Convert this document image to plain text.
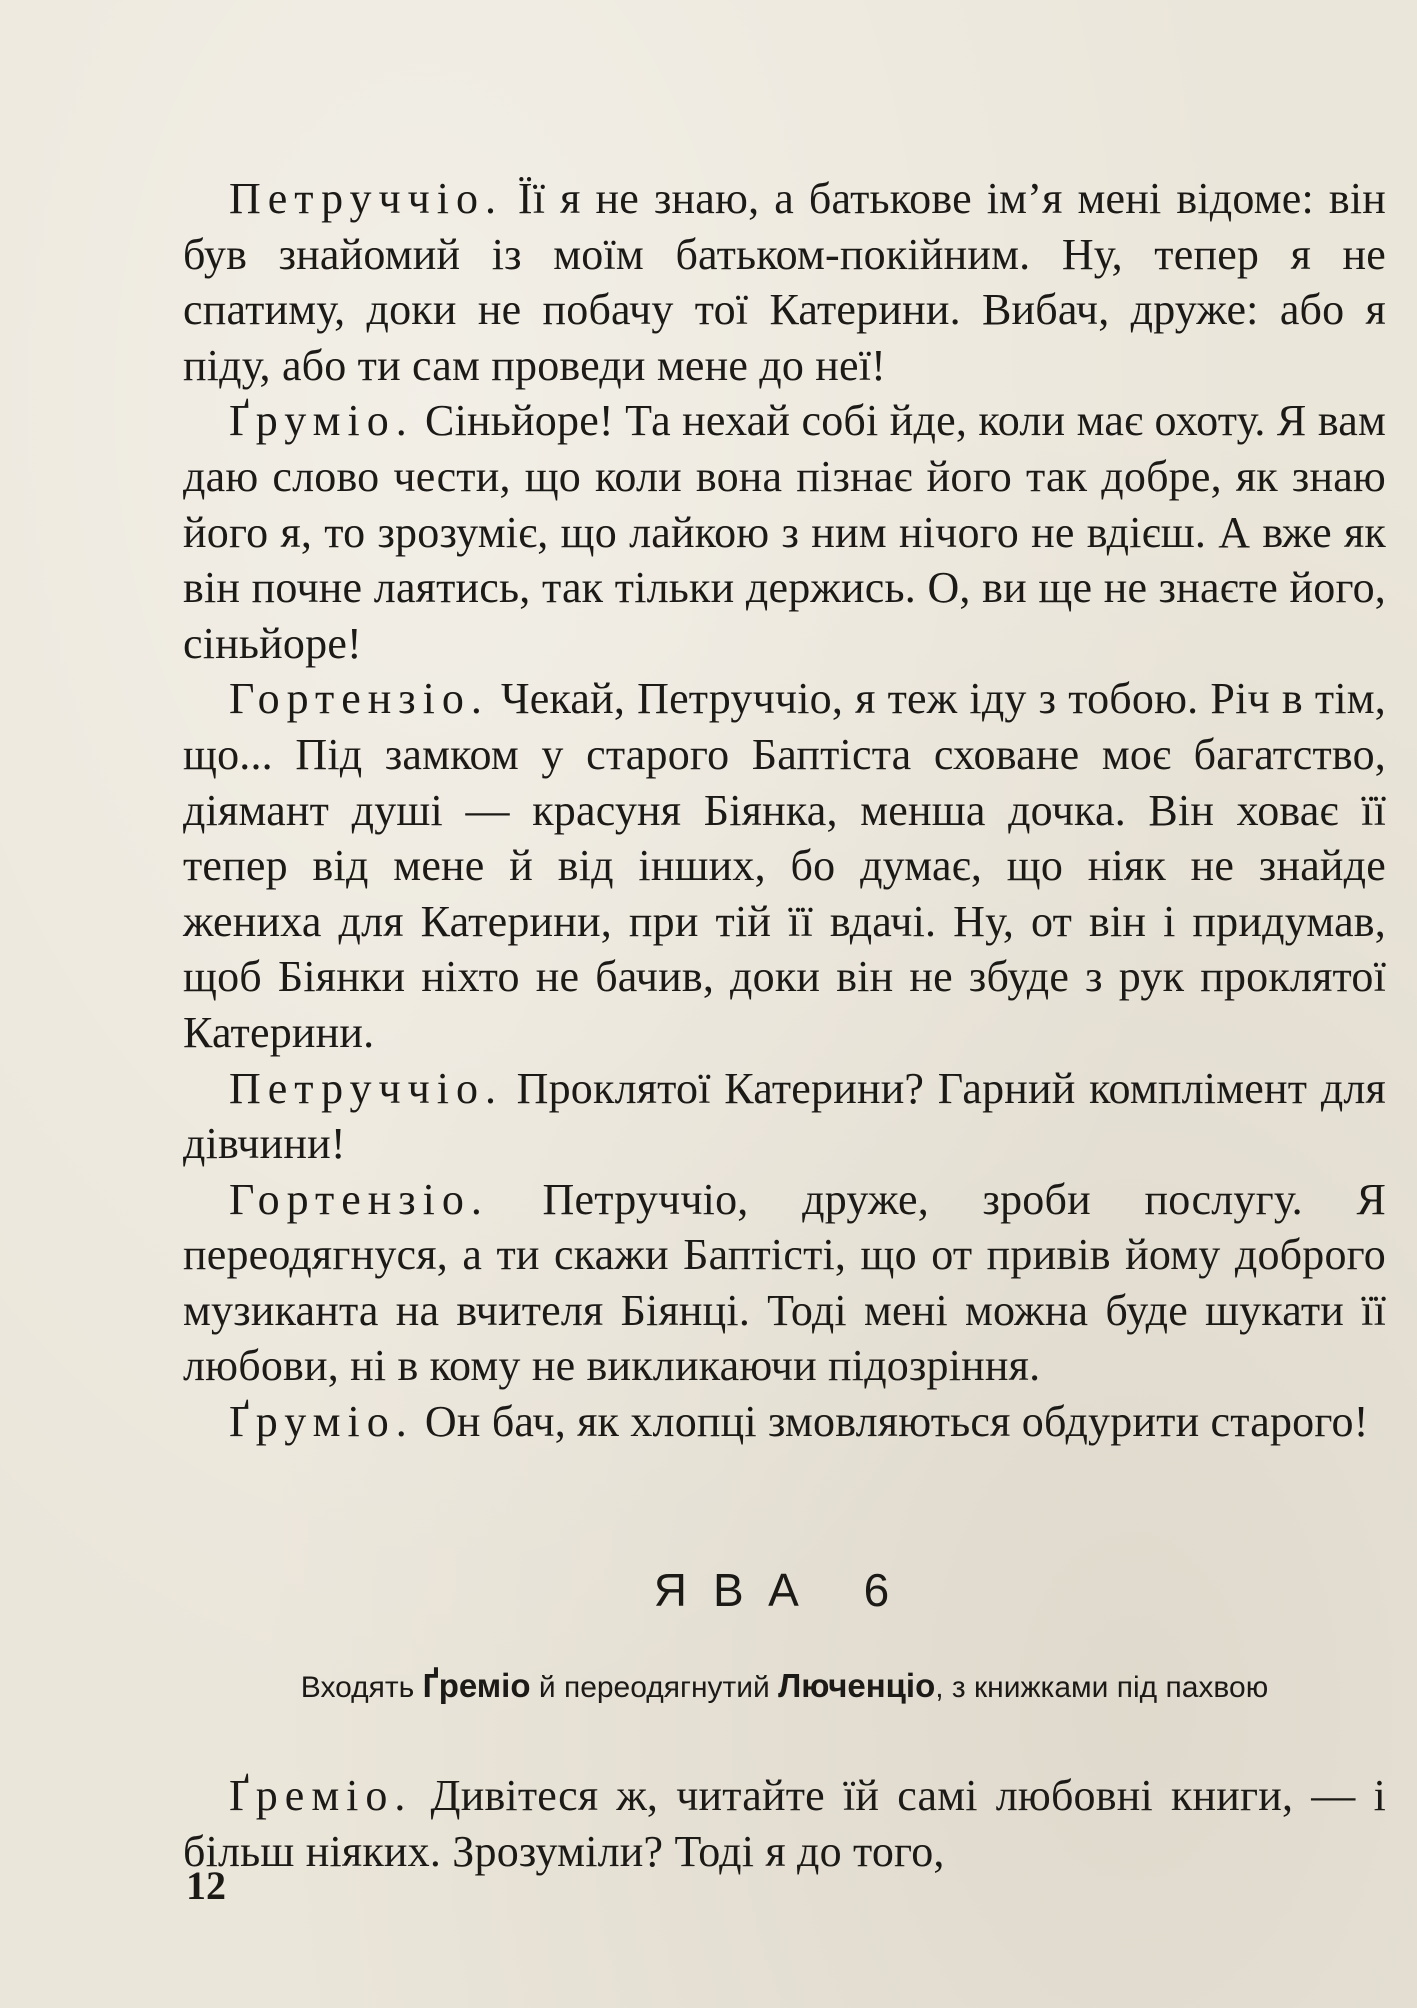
Петруччіо. Її я не знаю, а батькове ім’я мені відоме: він був знайомий із моїм батьком-покійним. Ну, тепер я не спатиму, доки не побачу тої Катерини. Вибач, друже: або я піду, або ти сам проведи мене до неї!

Ґруміо. Сіньйоре! Та нехай собі йде, коли має охоту. Я вам даю слово чести, що коли вона пізнає його так добре, як знаю його я, то зрозуміє, що лайкою з ним нічого не вдієш. А вже як він почне лаятись, так тільки держись. О, ви ще не знаєте його, сіньйоре!

Гортензіо. Чекай, Петруччіо, я теж іду з тобою. Річ в тім, що... Під замком у старого Баптіста сховане моє багатство, діямант душі — красуня Біянка, менша дочка. Він ховає її тепер від мене й від інших, бо думає, що ніяк не знайде жениха для Катерини, при тій її вдачі. Ну, от він і придумав, щоб Біянки ніхто не бачив, доки він не збуде з рук проклятої Катерини.

Петруччіо. Проклятої Катерини? Гарний комплімент для дівчини!

Гортензіо. Петруччіо, друже, зроби послугу. Я переодягнуся, а ти скажи Баптісті, що от привів йому доброго музиканта на вчителя Біянці. Тоді мені можна буде шукати її любови, ні в кому не викликаючи підозріння.

Ґруміо. Он бач, як хлопці змовляються обдурити старого!

ЯВА 6

Входять Ґреміо й переодягнутий Люченціо, з книжками під пахвою

Ґреміо. Дивітеся ж, читайте їй самі любовні книги, — і більш ніяких. Зрозуміли? Тоді я до того,

12
